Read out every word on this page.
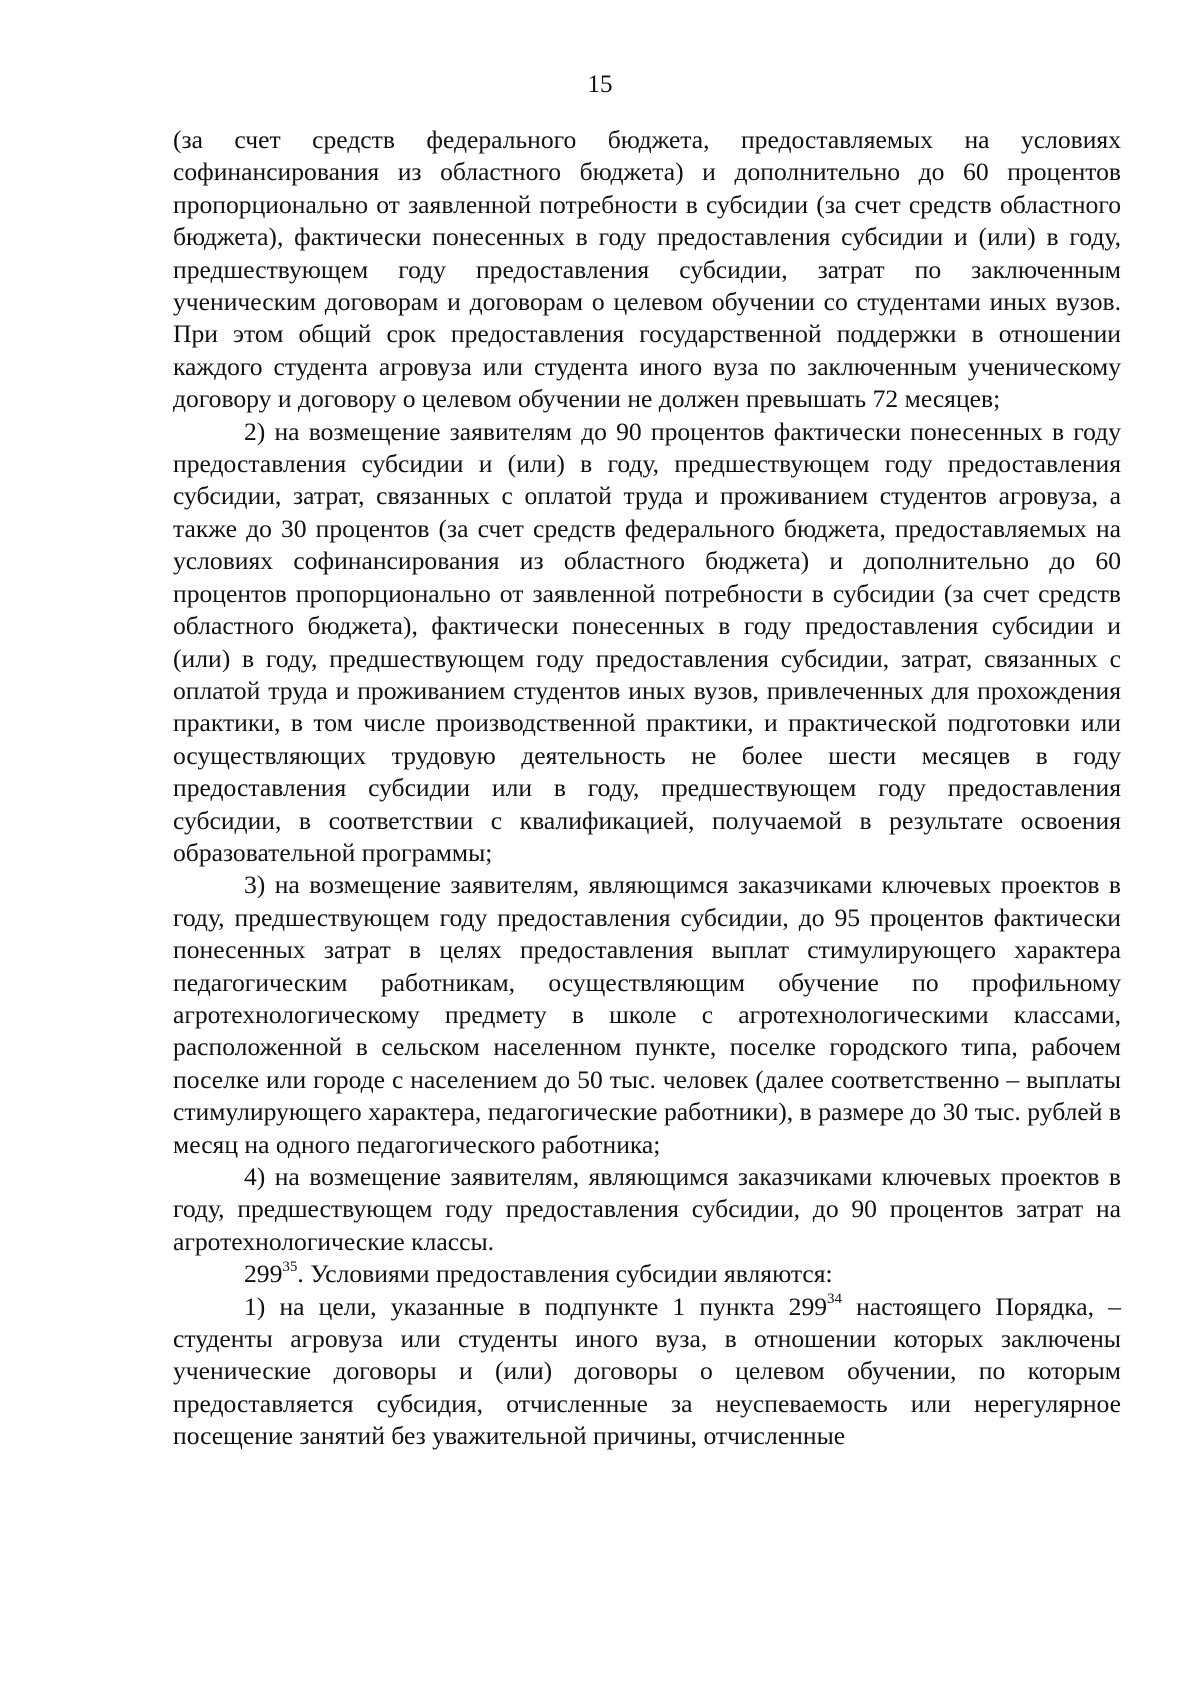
15

(за счет средств федерального бюджета, предоставляемых на условиях софинансирования из областного бюджета) и дополнительно до 60 процентов пропорционально от заявленной потребности в субсидии (за счет средств областного бюджета), фактически понесенных в году предоставления субсидии и (или) в году, предшествующем году предоставления субсидии, затрат по заключенным ученическим договорам и договорам о целевом обучении со студентами иных вузов. При этом общий срок предоставления государственной поддержки в отношении каждого студента агровуза или студента иного вуза по заключенным ученическому договору и договору о целевом обучении не должен превышать 72 месяцев;

2) на возмещение заявителям до 90 процентов фактически понесенных в году предоставления субсидии и (или) в году, предшествующем году предоставления субсидии, затрат, связанных с оплатой труда и проживанием студентов агровуза, а также до 30 процентов (за счет средств федерального бюджета, предоставляемых на условиях софинансирования из областного бюджета) и дополнительно до 60 процентов пропорционально от заявленной потребности в субсидии (за счет средств областного бюджета), фактически понесенных в году предоставления субсидии и (или) в году, предшествующем году предоставления субсидии, затрат, связанных с оплатой труда и проживанием студентов иных вузов, привлеченных для прохождения практики, в том числе производственной практики, и практической подготовки или осуществляющих трудовую деятельность не более шести месяцев в году предоставления субсидии или в году, предшествующем году предоставления субсидии, в соответствии с квалификацией, получаемой в результате освоения образовательной программы;

3) на возмещение заявителям, являющимся заказчиками ключевых проектов в году, предшествующем году предоставления субсидии, до 95 процентов фактически понесенных затрат в целях предоставления выплат стимулирующего характера педагогическим работникам, осуществляющим обучение по профильному агротехнологическому предмету в школе с агротехнологическими классами, расположенной в сельском населенном пункте, поселке городского типа, рабочем поселке или городе с населением до 50 тыс. человек (далее соответственно – выплаты стимулирующего характера, педагогические работники), в размере до 30 тыс. рублей в месяц на одного педагогического работника;

4) на возмещение заявителям, являющимся заказчиками ключевых проектов в году, предшествующем году предоставления субсидии, до 90 процентов затрат на агротехнологические классы.

$299^{35}$. Условиями предоставления субсидии являются:

1) на цели, указанные в подпункте 1 пункта $299^{34}$ настоящего Порядка, – студенты агровуза или студенты иного вуза, в отношении которых заключены ученические договоры и (или) договоры о целевом обучении, по которым предоставляется субсидия, отчисленные за неуспеваемость или нерегулярное посещение занятий без уважительной причины, отчисленные
